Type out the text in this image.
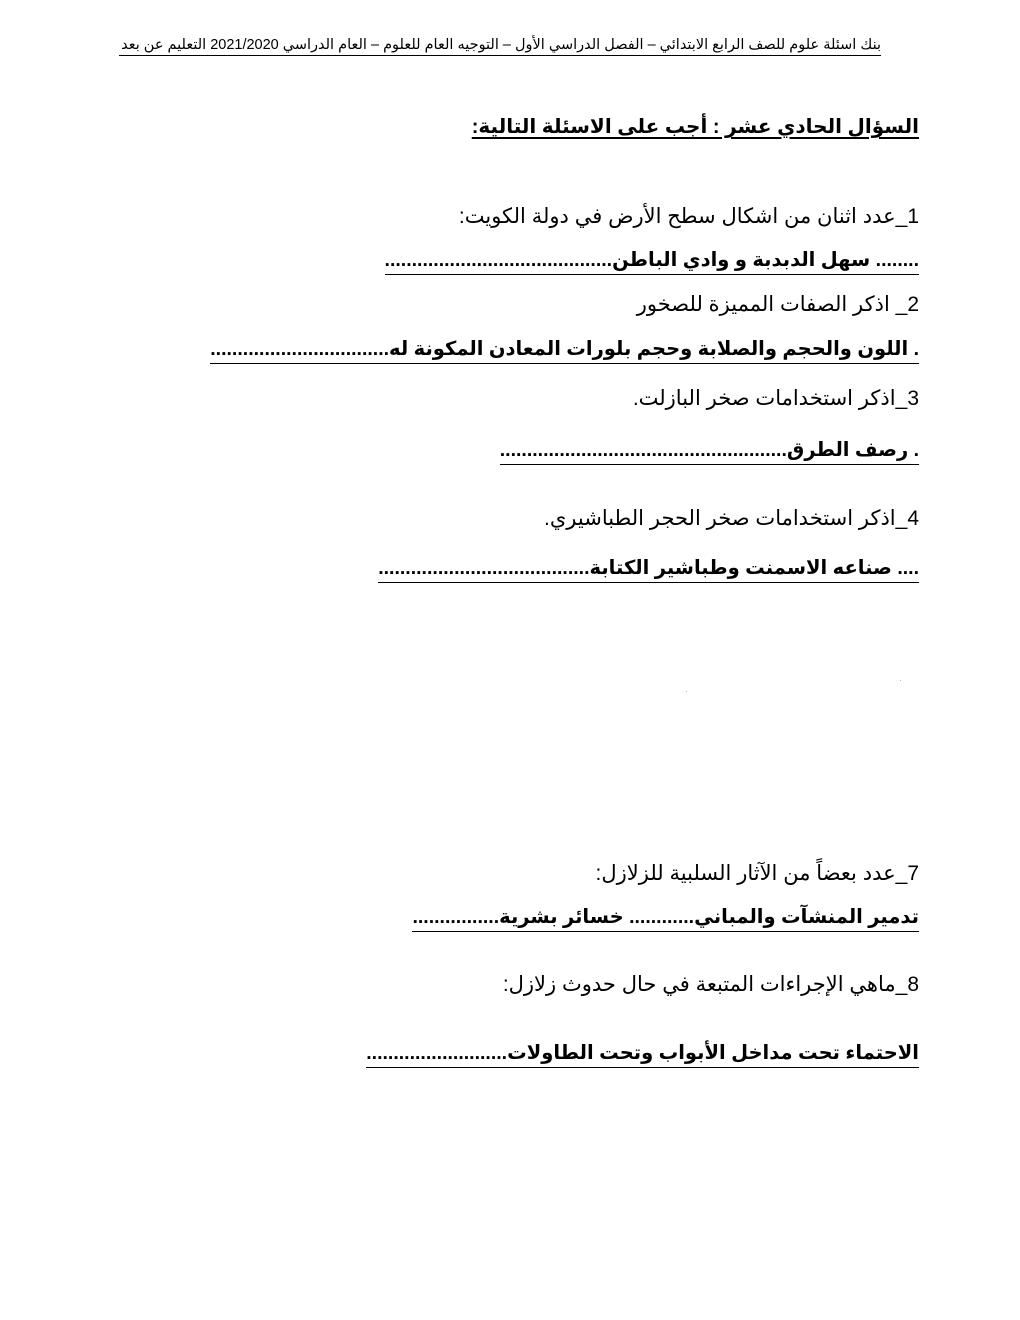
بنك اسئلة علوم للصف الرابع الابتدائي – الفصل الدراسي الأول – التوجيه العام للعلوم – العام الدراسي 2021/2020 التعليم عن بعد
السؤال الحادي عشر : أجب على الاسئلة التالية:
1_عدد اثنان من اشكال سطح الأرض في دولة الكويت:
........ سهل الدبدبة و وادي الباطن..........................................
2_ اذكر الصفات المميزة للصخور
. اللون والحجم والصلابة وحجم بلورات المعادن المكونة له.................................
3_اذكر استخدامات صخر البازلت.
. رصف الطرق.....................................................
4_اذكر استخدامات صخر الحجر الطباشيري.
.... صناعه الاسمنت وطباشير الكتابة.......................................
7_عدد بعضاً من الآثار السلبية للزلازل:
تدمير المنشآت والمباني............ خسائر بشرية................
8_ماهي الإجراءات المتبعة في حال حدوث زلازل:
الاحتماء تحت مداخل الأبواب وتحت الطاولات..........................
